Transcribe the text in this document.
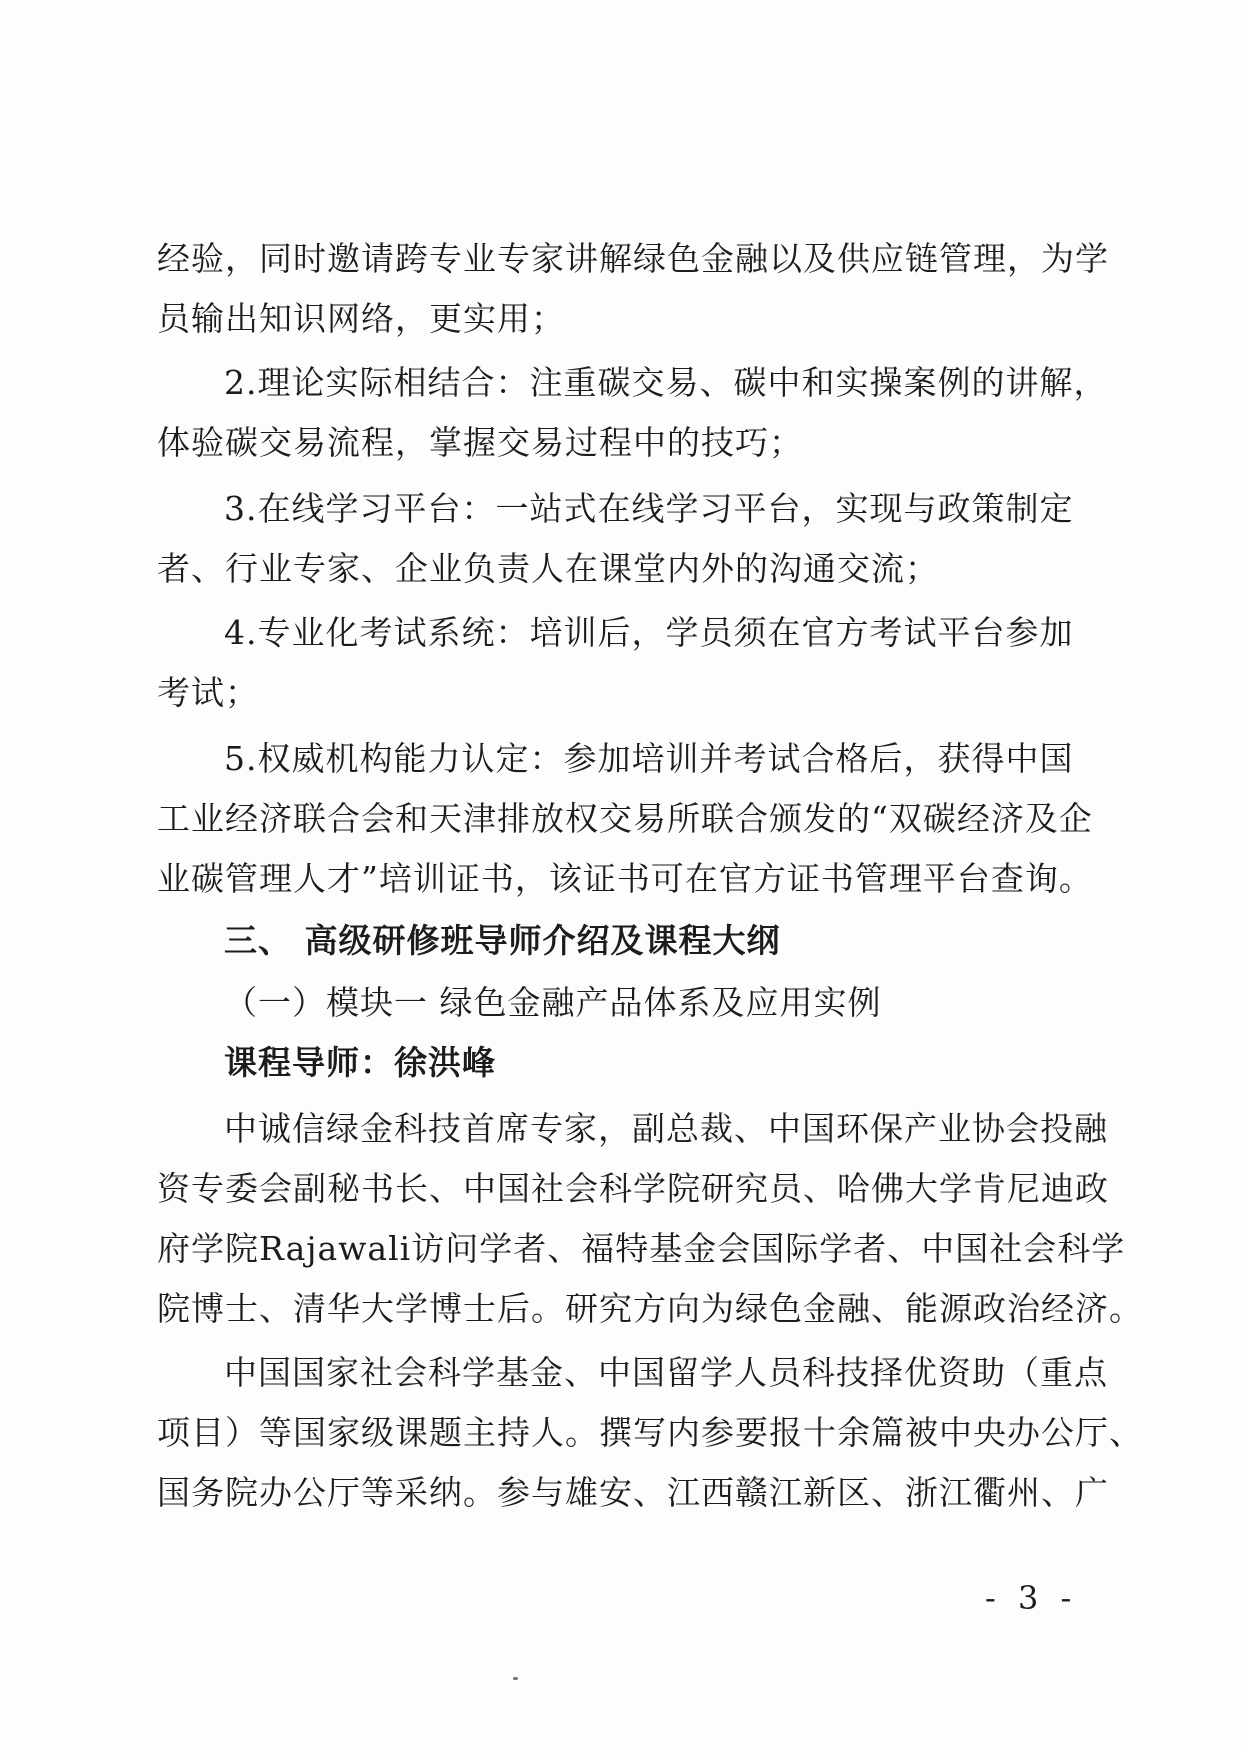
经验，同时邀请跨专业专家讲解绿色金融以及供应链管理，为学
员输出知识网络，更实用；
2.理论实际相结合：注重碳交易、碳中和实操案例的讲解，
体验碳交易流程，掌握交易过程中的技巧；
3.在线学习平台：一站式在线学习平台，实现与政策制定
者、行业专家、企业负责人在课堂内外的沟通交流；
4.专业化考试系统：培训后，学员须在官方考试平台参加
考试；
5.权威机构能力认定：参加培训并考试合格后，获得中国
工业经济联合会和天津排放权交易所联合颁发的“双碳经济及企
业碳管理人才”培训证书，该证书可在官方证书管理平台查询。
三、 高级研修班导师介绍及课程大纲
（一）模块一 绿色金融产品体系及应用实例
课程导师：徐洪峰
中诚信绿金科技首席专家，副总裁、中国环保产业协会投融
资专委会副秘书长、中国社会科学院研究员、哈佛大学肯尼迪政
府学院Rajawali访问学者、福特基金会国际学者、中国社会科学
院博士、清华大学博士后。研究方向为绿色金融、能源政治经济。
中国国家社会科学基金、中国留学人员科技择优资助（重点
项目）等国家级课题主持人。撰写内参要报十余篇被中央办公厅、
国务院办公厅等采纳。参与雄安、江西赣江新区、浙江衢州、广
- 3 -
